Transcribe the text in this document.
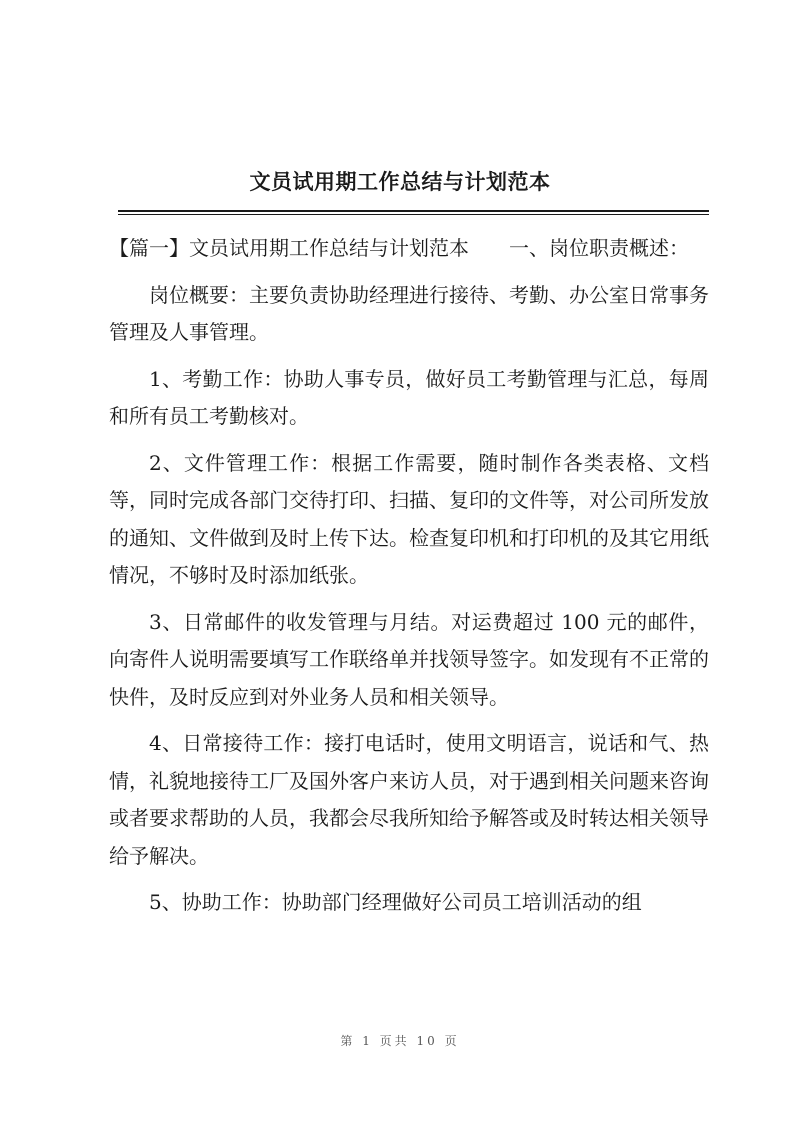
文员试用期工作总结与计划范本

【篇一】文员试用期工作总结与计划范本　　一、岗位职责概述：

岗位概要：主要负责协助经理进行接待、考勤、办公室日常事务管理及人事管理。

1、考勤工作：协助人事专员，做好员工考勤管理与汇总，每周和所有员工考勤核对。

2、文件管理工作：根据工作需要，随时制作各类表格、文档等，同时完成各部门交待打印、扫描、复印的文件等，对公司所发放的通知、文件做到及时上传下达。检查复印机和打印机的及其它用纸情况，不够时及时添加纸张。

3、日常邮件的收发管理与月结。对运费超过 100 元的邮件，向寄件人说明需要填写工作联络单并找领导签字。如发现有不正常的快件，及时反应到对外业务人员和相关领导。

4、日常接待工作：接打电话时，使用文明语言，说话和气、热情，礼貌地接待工厂及国外客户来访人员，对于遇到相关问题来咨询或者要求帮助的人员，我都会尽我所知给予解答或及时转达相关领导给予解决。

5、协助工作：协助部门经理做好公司员工培训活动的组

第 1 页共 10 页
